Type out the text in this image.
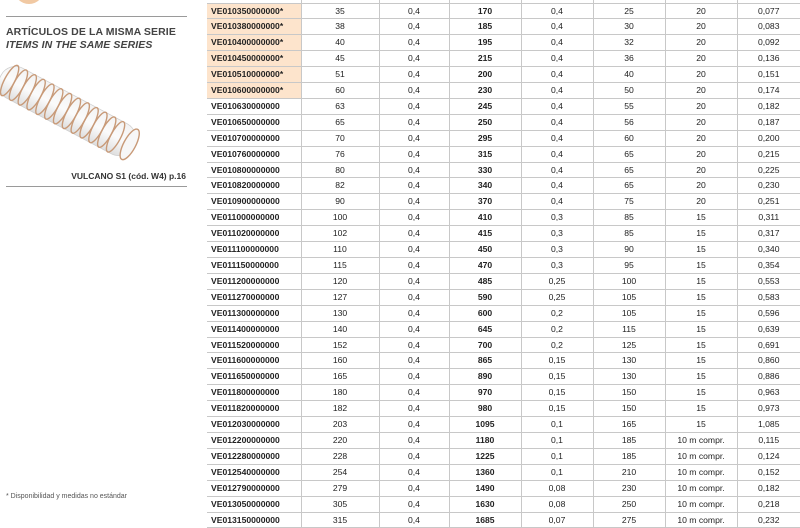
ARTÍCULOS DE LA MISMA SERIE
ITEMS IN THE SAME SERIES
VULCANO S1 (cód. W4) p.16
* Disponibilidad y medidas no estándar

VE010350000000*	35	0,4	170	0,4	25	20	0,077
VE010380000000*	38	0,4	185	0,4	30	20	0,083
VE010400000000*	40	0,4	195	0,4	32	20	0,092
VE010450000000*	45	0,4	215	0,4	36	20	0,136
VE010510000000*	51	0,4	200	0,4	40	20	0,151
VE010600000000*	60	0,4	230	0,4	50	20	0,174
VE010630000000	63	0,4	245	0,4	55	20	0,182
VE010650000000	65	0,4	250	0,4	56	20	0,187
VE010700000000	70	0,4	295	0,4	60	20	0,200
VE010760000000	76	0,4	315	0,4	65	20	0,215
VE010800000000	80	0,4	330	0,4	65	20	0,225
VE010820000000	82	0,4	340	0,4	65	20	0,230
VE010900000000	90	0,4	370	0,4	75	20	0,251
VE011000000000	100	0,4	410	0,3	85	15	0,311
VE011020000000	102	0,4	415	0,3	85	15	0,317
VE011100000000	110	0,4	450	0,3	90	15	0,340
VE011150000000	115	0,4	470	0,3	95	15	0,354
VE011200000000	120	0,4	485	0,25	100	15	0,553
VE011270000000	127	0,4	590	0,25	105	15	0,583
VE011300000000	130	0,4	600	0,2	105	15	0,596
VE011400000000	140	0,4	645	0,2	115	15	0,639
VE011520000000	152	0,4	700	0,2	125	15	0,691
VE011600000000	160	0,4	865	0,15	130	15	0,860
VE011650000000	165	0,4	890	0,15	130	15	0,886
VE011800000000	180	0,4	970	0,15	150	15	0,963
VE011820000000	182	0,4	980	0,15	150	15	0,973
VE012030000000	203	0,4	1095	0,1	165	15	1,085
VE012200000000	220	0,4	1180	0,1	185	10 m compr.	0,115
VE012280000000	228	0,4	1225	0,1	185	10 m compr.	0,124
VE012540000000	254	0,4	1360	0,1	210	10 m compr.	0,152
VE012790000000	279	0,4	1490	0,08	230	10 m compr.	0,182
VE013050000000	305	0,4	1630	0,08	250	10 m compr.	0,218
VE013150000000	315	0,4	1685	0,07	275	10 m compr.	0,232
